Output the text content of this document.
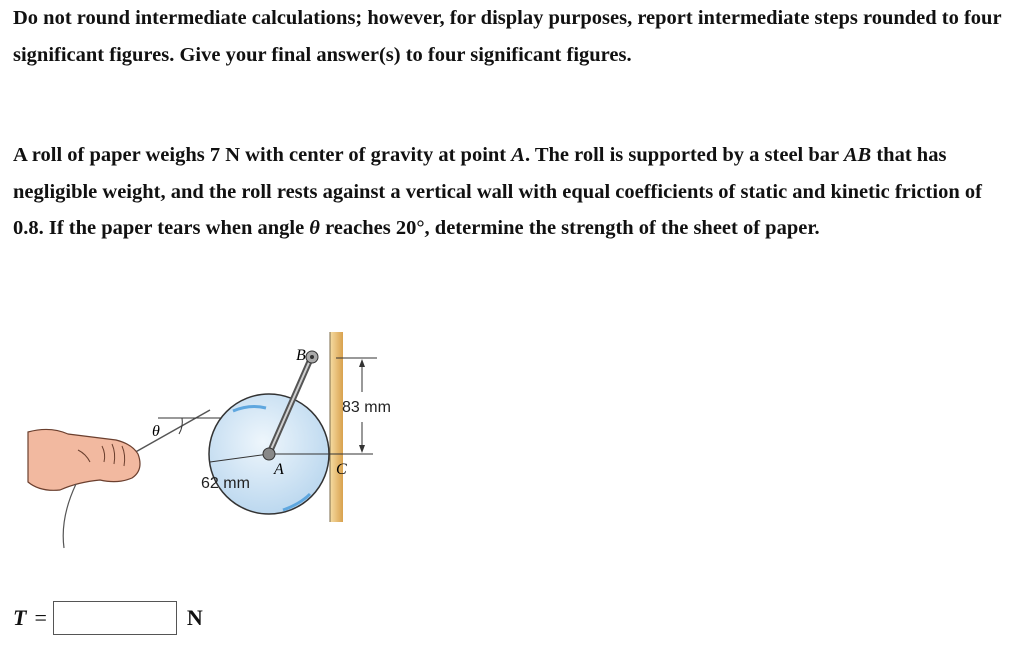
Do not round intermediate calculations; however, for display purposes, report intermediate steps rounded to four significant figures. Give your final answer(s) to four significant figures.

A roll of paper weighs 7 N with center of gravity at point A. The roll is supported by a steel bar AB that has negligible weight, and the roll rests against a vertical wall with equal coefficients of static and kinetic friction of 0.8. If the paper tears when angle θ reaches 20°, determine the strength of the sheet of paper.

θ
62 mm
B
A	C
83 mm
T =	N
